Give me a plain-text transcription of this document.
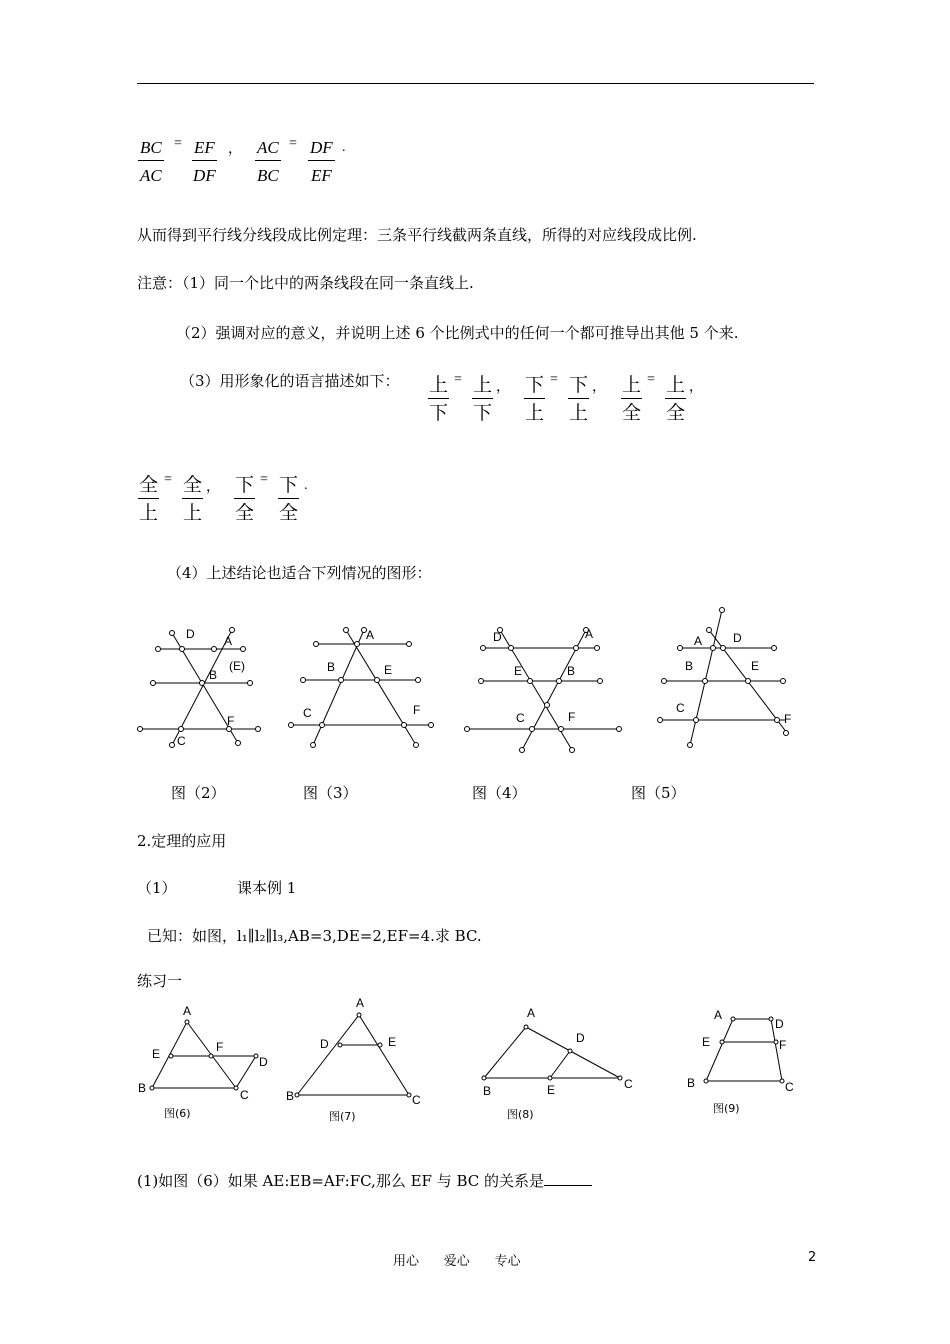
$\frac{BC}{AC} = \frac{EF}{DF}$ ， $\frac{AC}{BC} = \frac{DF}{EF}$ .
从而得到平行线分线段成比例定理：三条平行线截两条直线，所得的对应线段成比例.
注意：（1）同一个比中的两条线段在同一条直线上.
（2）强调对应的意义，并说明上述 6 个比例式中的任何一个都可推导出其他 5 个来.
（3）用形象化的语言描述如下： 上
下
= 上
下
， 下
上
= 下
上
， 上
全
= 上
全
，
全
上
= 全
上
， 下
全
= 下
全
.
（4）上述结论也适合下列情况的图形：
D A
B
(E)
F
C
A
B	E
C	F
D	A
E	B
C	F
A	D
B	E
C
F
图（2）	图（3）	图（4）	图（5）
2.定理的应用
（1）	课本例 1
已知：如图，l₁∥l₂∥l₃,AB=3,DE=2,EF=4.求 BC.
练习一
A
E	F
D
B	C
A
D	E
B	C
A
D
B	E	C
A
D
E	F
B	C
图(6)	图(7)	图(8)	图(9)
(1)如图（6）如果 AE:EB=AF:FC,那么 EF 与 BC 的关系是
用心      爱心      专心	2
